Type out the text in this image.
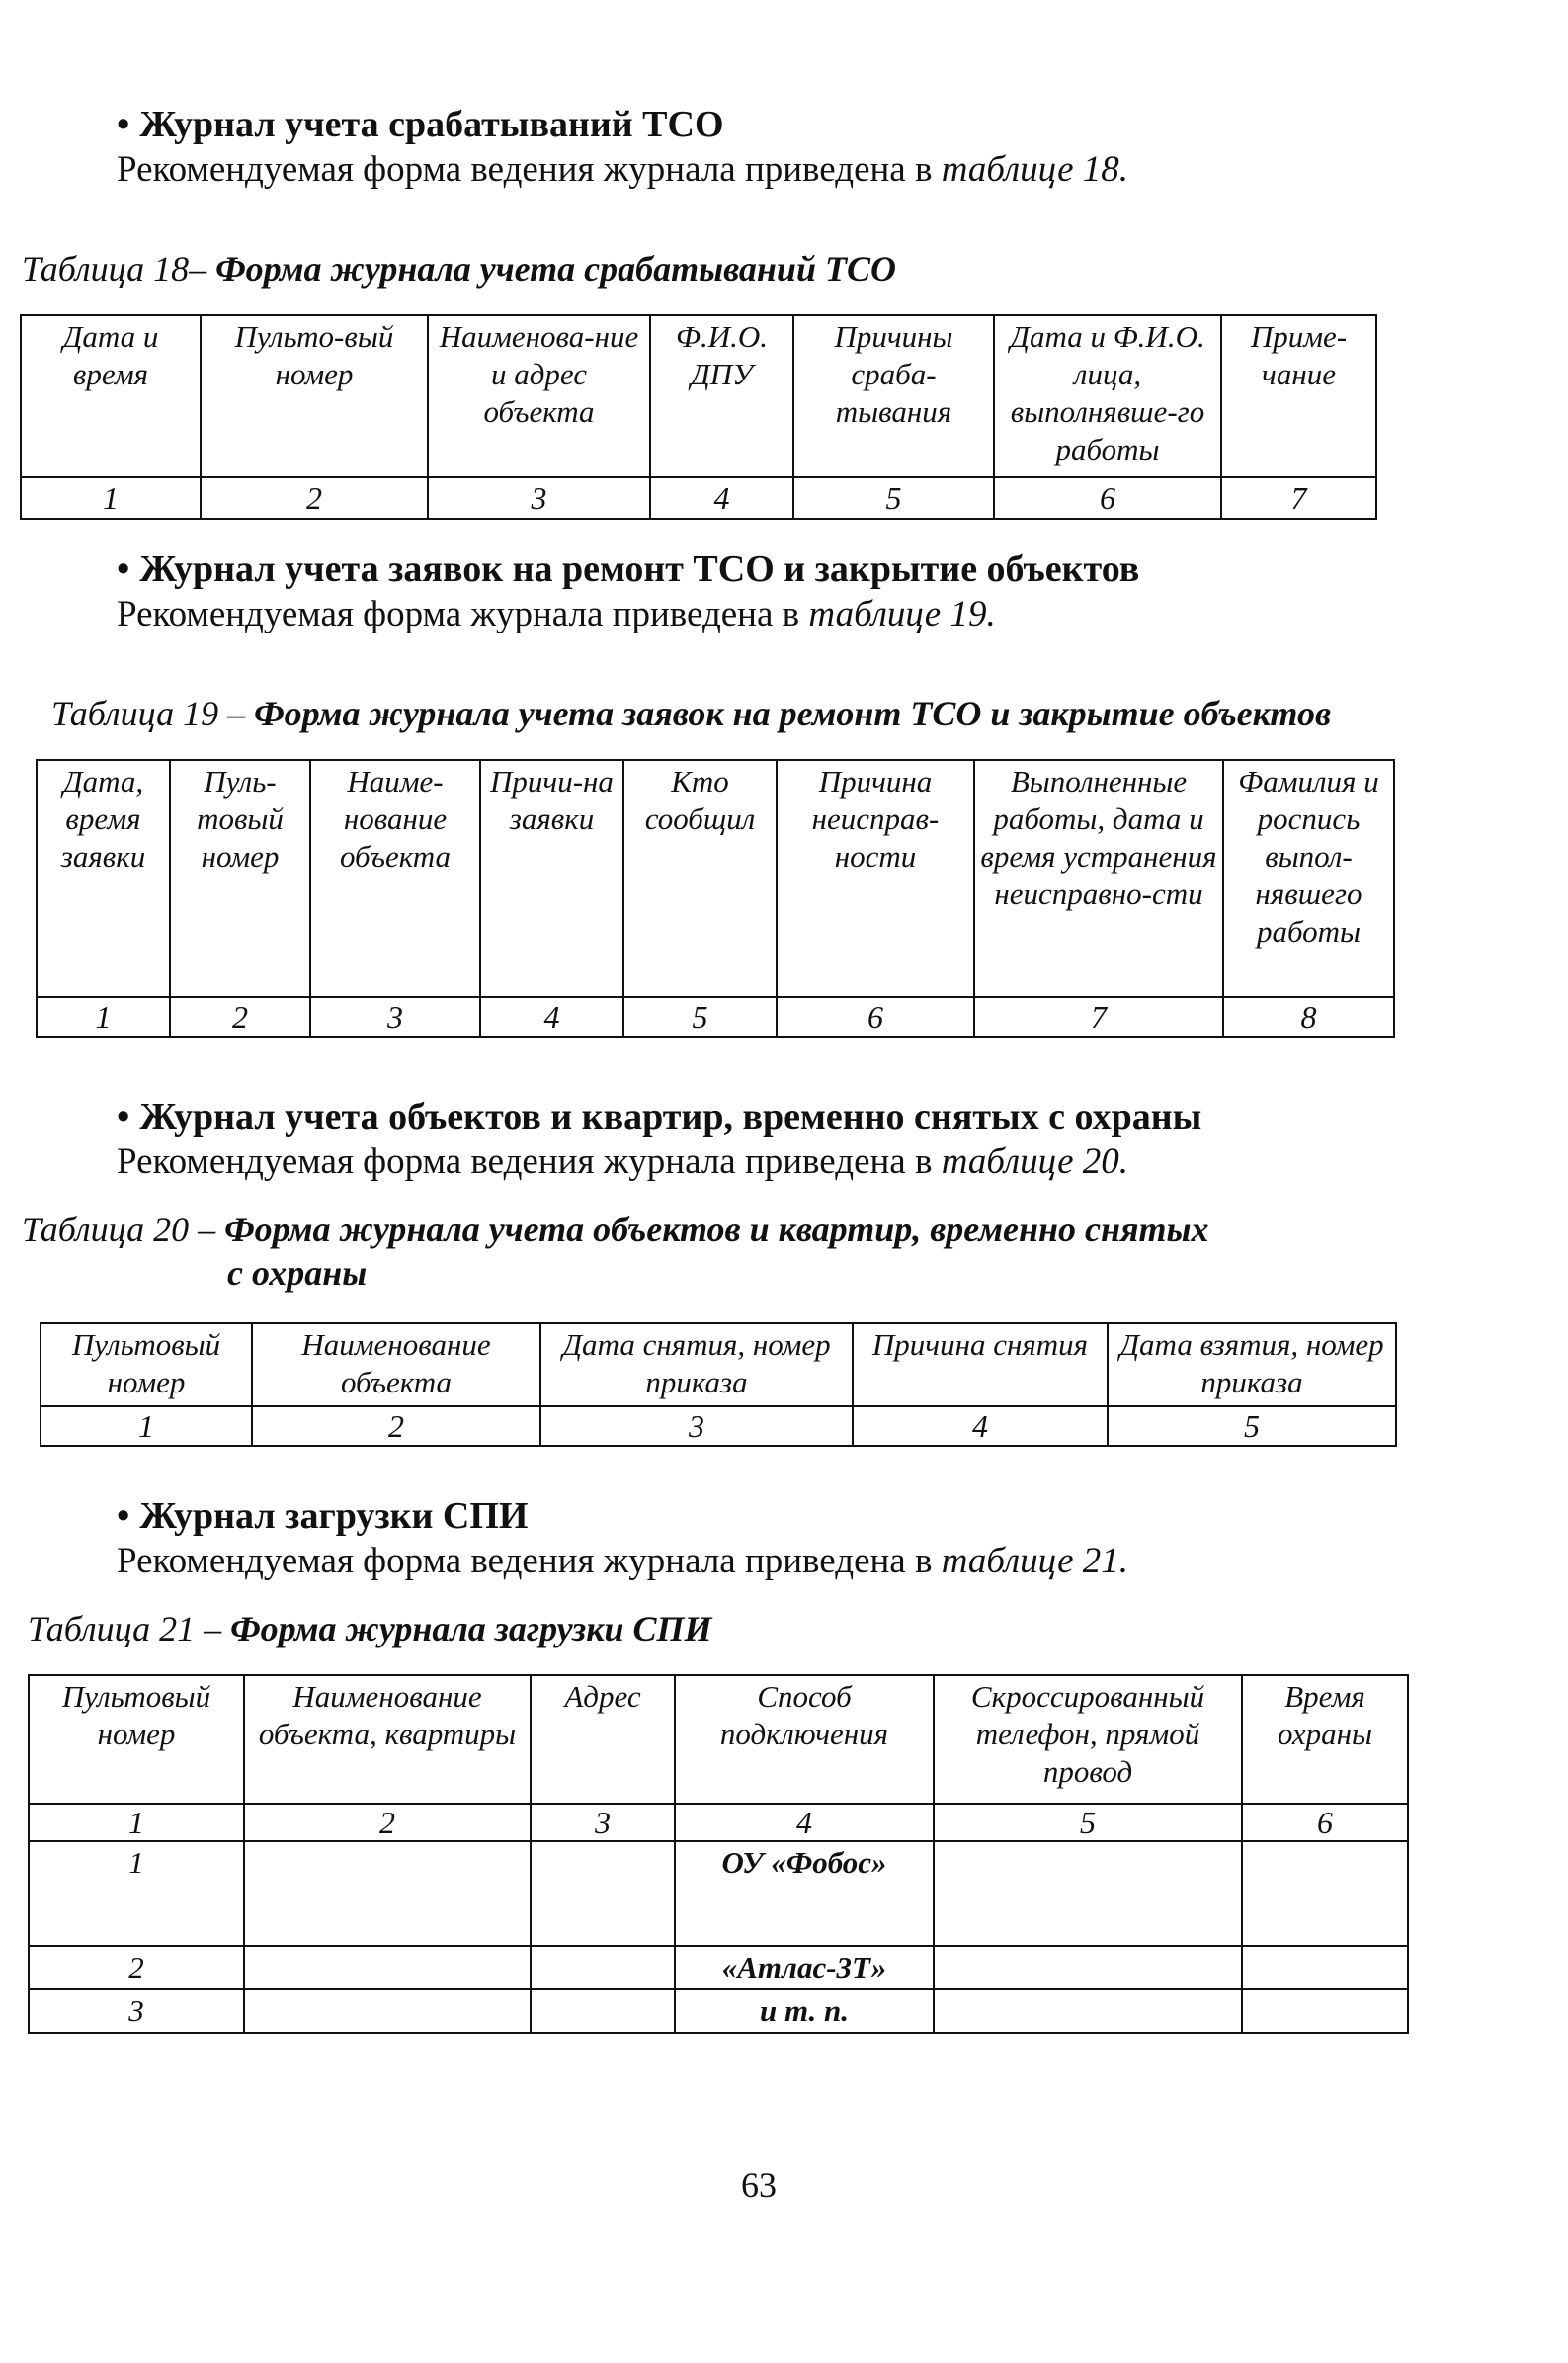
• Журнал учета срабатываний ТСО
Рекомендуемая форма ведения журнала приведена в таблице 18.
Таблица 18– Форма журнала учета срабатываний ТСО
Дата и время	Пульто-вый номер	Наименова-ние и адрес объекта	Ф.И.О. ДПУ	Причины сраба-тывания	Дата и Ф.И.О. лица, выполнявше-го работы	Приме-чание
1	2	3	4	5	6	7
• Журнал учета заявок на ремонт ТСО и закрытие объектов
Рекомендуемая форма журнала приведена в таблице 19.
Таблица 19 – Форма журнала учета заявок на ремонт ТСО и закрытие объектов
Дата, время заявки	Пуль-товый номер	Наиме-нование объекта	Причи-на заявки	Кто сообщил	Причина неисправ-ности	Выполненные работы, дата и время устранения неисправно-сти	Фамилия и роспись выпол-нявшего работы
1	2	3	4	5	6	7	8
• Журнал учета объектов и квартир, временно снятых с охраны
Рекомендуемая форма ведения журнала приведена в таблице 20.
Таблица 20 – Форма журнала учета объектов и квартир, временно снятых
с охраны
Пультовый номер	Наименование объекта	Дата снятия, номер приказа	Причина снятия	Дата взятия, номер приказа
1	2	3	4	5
• Журнал загрузки СПИ
Рекомендуемая форма ведения журнала приведена в таблице 21.
Таблица 21 – Форма журнала загрузки СПИ
Пультовый номер	Наименование объекта, квартиры	Адрес	Способ подключения	Скроссированный телефон, прямой провод	Время охраны
1	2	3	4	5	6
1			ОУ «Фобос»		
2			«Атлас-3Т»		
3			и т. п.		
63
